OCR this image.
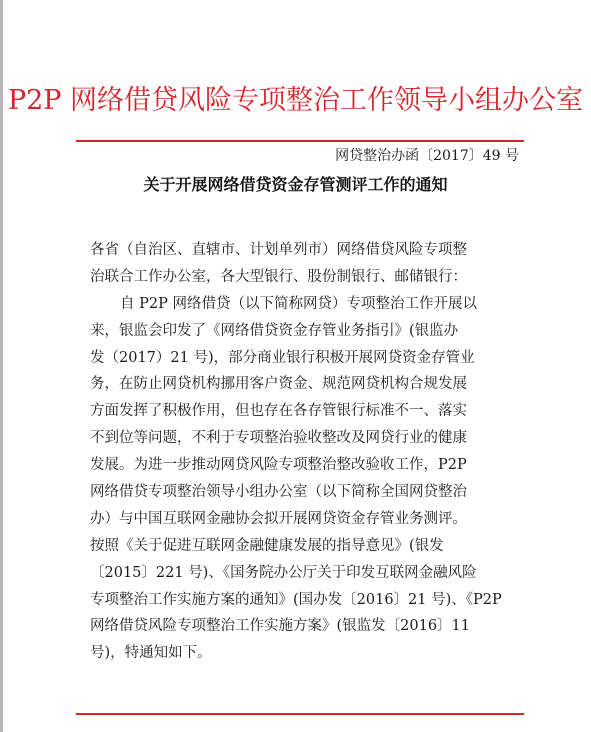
P2P 网络借贷风险专项整治工作领导小组办公室
网贷整治办函〔2017〕49 号
关于开展网络借贷资金存管测评工作的通知
各省（自治区、直辖市、计划单列市）网络借贷风险专项整
治联合工作办公室，各大型银行、股份制银行、邮储银行：
自 P2P 网络借贷（以下简称网贷）专项整治工作开展以
来，银监会印发了《网络借贷资金存管业务指引》(银监办
发（2017）21 号)，部分商业银行积极开展网贷资金存管业
务，在防止网贷机构挪用客户资金、规范网贷机构合规发展
方面发挥了积极作用，但也存在各存管银行标准不一、落实
不到位等问题，不利于专项整治验收整改及网贷行业的健康
发展。为进一步推动网贷风险专项整治整改验收工作，P2P
网络借贷专项整治领导小组办公室（以下简称全国网贷整治
办）与中国互联网金融协会拟开展网贷资金存管业务测评。
按照《关于促进互联网金融健康发展的指导意见》(银发
〔2015〕221 号)、《国务院办公厅关于印发互联网金融风险
专项整治工作实施方案的通知》(国办发〔2016〕21 号)、《P2P
网络借贷风险专项整治工作实施方案》(银监发〔2016〕11
号)，特通知如下。
